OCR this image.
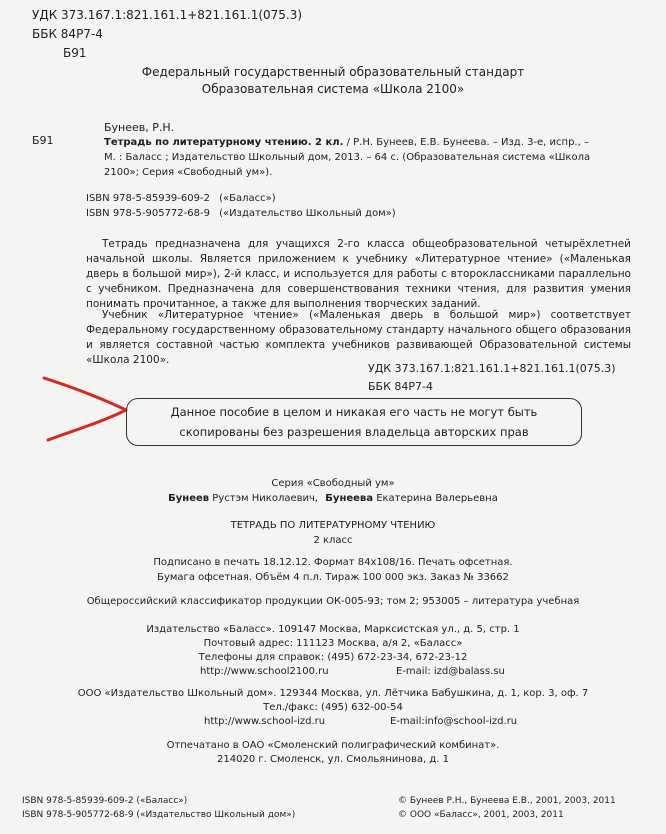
УДК 373.167.1:821.161.1+821.161.1(075.3)
ББК 84Р7-4
Б91
Федеральный государственный образовательный стандарт
Образовательная система «Школа 2100»
Б91
Бунеев, Р.Н.
Тетрадь по литературному чтению. 2 кл. / Р.Н. Бунеев, Е.В. Бунеева. – Изд. 3-е, испр., –
М. : Баласс ; Издательство Школьный дом, 2013. – 64 с. (Образовательная система «Школа
2100»; Серия «Свободный ум»).
ISBN 978-5-85939-609-2 («Баласс»)
ISBN 978-5-905772-68-9 («Издательство Школьный дом»)
Тетрадь предназначена для учащихся 2-го класса общеобразовательной четырёхлетней начальной школы. Является приложением к учебнику «Литературное чтение» («Маленькая дверь в большой мир»), 2-й класс, и используется для работы с второклассниками параллельно с учебником. Предназначена для совершенствования техники чтения, для развития умения понимать прочитанное, а также для выполнения творческих заданий.
Учебник «Литературное чтение» («Маленькая дверь в большой мир») соответствует Федеральному государственному образовательному стандарту начального общего образования и является составной частью комплекта учебников развивающей Образовательной системы «Школа 2100».
УДК 373.167.1:821.161.1+821.161.1(075.3)
ББК 84Р7-4
Данное пособие в целом и никакая его часть не могут быть
скопированы без разрешения владельца авторских прав
Серия «Свободный ум»
Бунеев Рустэм Николаевич, Бунеева Екатерина Валерьевна
ТЕТРАДЬ ПО ЛИТЕРАТУРНОМУ ЧТЕНИЮ
2 класс
Подписано в печать 18.12.12. Формат 84х108/16. Печать офсетная.
Бумага офсетная. Объём 4 п.л. Тираж 100 000 экз. Заказ № 33662
Общероссийский классификатор продукции ОК-005-93; том 2; 953005 – литература учебная
Издательство «Баласс». 109147 Москва, Марксистская ул., д. 5, стр. 1
Почтовый адрес: 111123 Москва, а/я 2, «Баласс»
Телефоны для справок: (495) 672-23-34, 672-23-12
http://www.school2100.ru	E-mail: izd@balass.su
ООО «Издательство Школьный дом». 129344 Москва, ул. Лётчика Бабушкина, д. 1, кор. 3, оф. 7
Тел./факс: (495) 632-00-54
http://www.school-izd.ru	E-mail:info@school-izd.ru
Отпечатано в ОАО «Смоленский полиграфический комбинат».
214020 г. Смоленск, ул. Смольянинова, д. 1
ISBN 978-5-85939-609-2 («Баласс»)
ISBN 978-5-905772-68-9 («Издательство Школьный дом»)
© Бунеев Р.Н., Бунеева Е.В., 2001, 2003, 2011
© ООО «Баласс», 2001, 2003, 2011
